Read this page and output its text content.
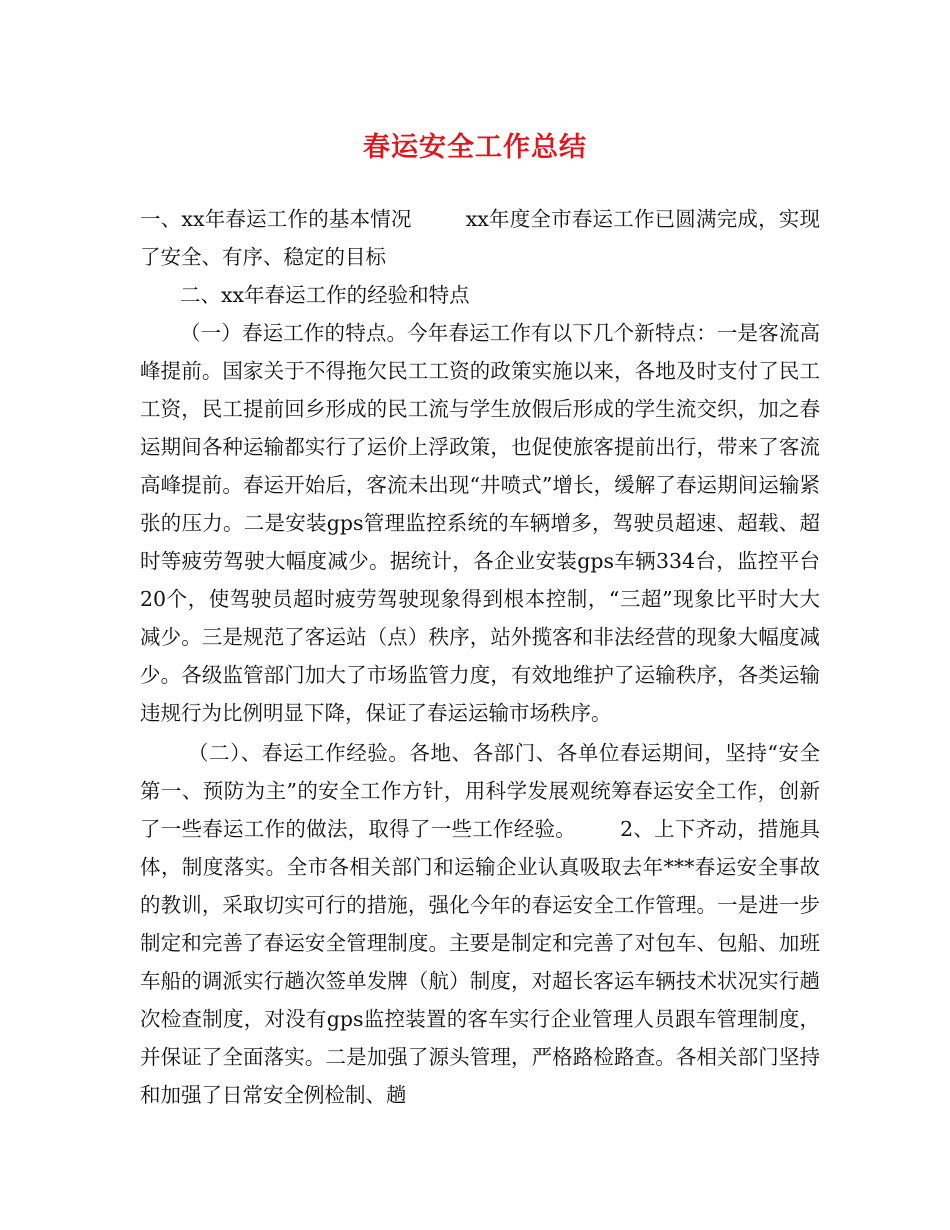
春运安全工作总结

一、xx年春运工作的基本情况	xx年度全市春运工作已圆满完成，实现了安全、有序、稳定的目标

二、xx年春运工作的经验和特点

（一）春运工作的特点。今年春运工作有以下几个新特点：一是客流高峰提前。国家关于不得拖欠民工工资的政策实施以来，各地及时支付了民工工资，民工提前回乡形成的民工流与学生放假后形成的学生流交织，加之春运期间各种运输都实行了运价上浮政策，也促使旅客提前出行，带来了客流高峰提前。春运开始后，客流未出现“井喷式”增长，缓解了春运期间运输紧张的压力。二是安装gps管理监控系统的车辆增多，驾驶员超速、超载、超时等疲劳驾驶大幅度减少。据统计，各企业安装gps车辆334台，监控平台20个，使驾驶员超时疲劳驾驶现象得到根本控制，“三超”现象比平时大大减少。三是规范了客运站（点）秩序，站外揽客和非法经营的现象大幅度减少。各级监管部门加大了市场监管力度，有效地维护了运输秩序，各类运输违规行为比例明显下降，保证了春运运输市场秩序。

（二）、春运工作经验。各地、各部门、各单位春运期间，坚持“安全第一、预防为主”的安全工作方针，用科学发展观统筹春运安全工作，创新了一些春运工作的做法，取得了一些工作经验。 2、上下齐动，措施具体，制度落实。全市各相关部门和运输企业认真吸取去年***春运安全事故的教训，采取切实可行的措施，强化今年的春运安全工作管理。一是进一步制定和完善了春运安全管理制度。主要是制定和完善了对包车、包船、加班车船的调派实行趟次签单发牌（航）制度，对超长客运车辆技术状况实行趟次检查制度，对没有gps监控装置的客车实行企业管理人员跟车管理制度，并保证了全面落实。二是加强了源头管理，严格路检路查。各相关部门坚持和加强了日常安全例检制、趟
